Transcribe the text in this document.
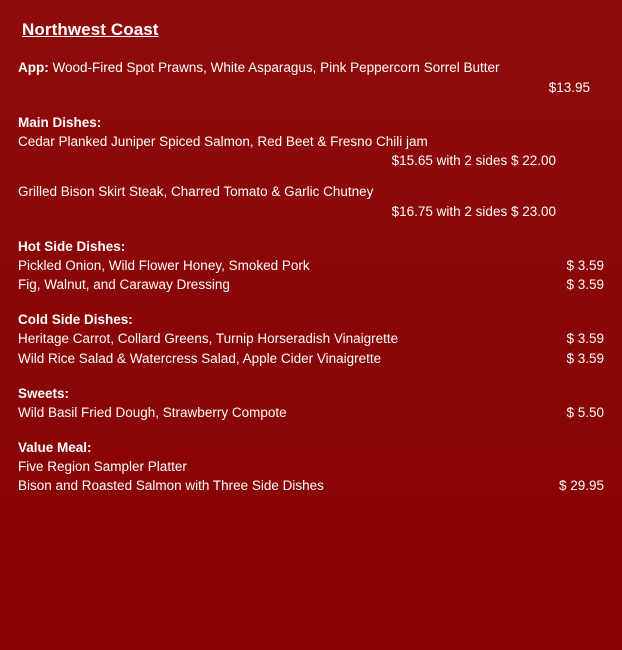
Northwest Coast
App: Wood-Fired Spot Prawns, White Asparagus, Pink Peppercorn Sorrel Butter
$13.95
Main Dishes:
Cedar Planked Juniper Spiced Salmon, Red Beet & Fresno Chili jam
$15.65 with 2 sides $ 22.00
Grilled Bison Skirt Steak, Charred Tomato & Garlic Chutney
$16.75 with 2 sides $ 23.00
Hot Side Dishes:
Pickled Onion, Wild Flower Honey, Smoked Pork	$ 3.59
Fig, Walnut, and Caraway Dressing	$ 3.59
Cold Side Dishes:
Heritage Carrot, Collard Greens, Turnip Horseradish Vinaigrette	$ 3.59
Wild Rice Salad & Watercress Salad, Apple Cider Vinaigrette	$ 3.59
Sweets:
Wild Basil Fried Dough, Strawberry Compote	$ 5.50
Value Meal:
Five Region Sampler Platter
Bison and Roasted Salmon with Three Side Dishes	$ 29.95
